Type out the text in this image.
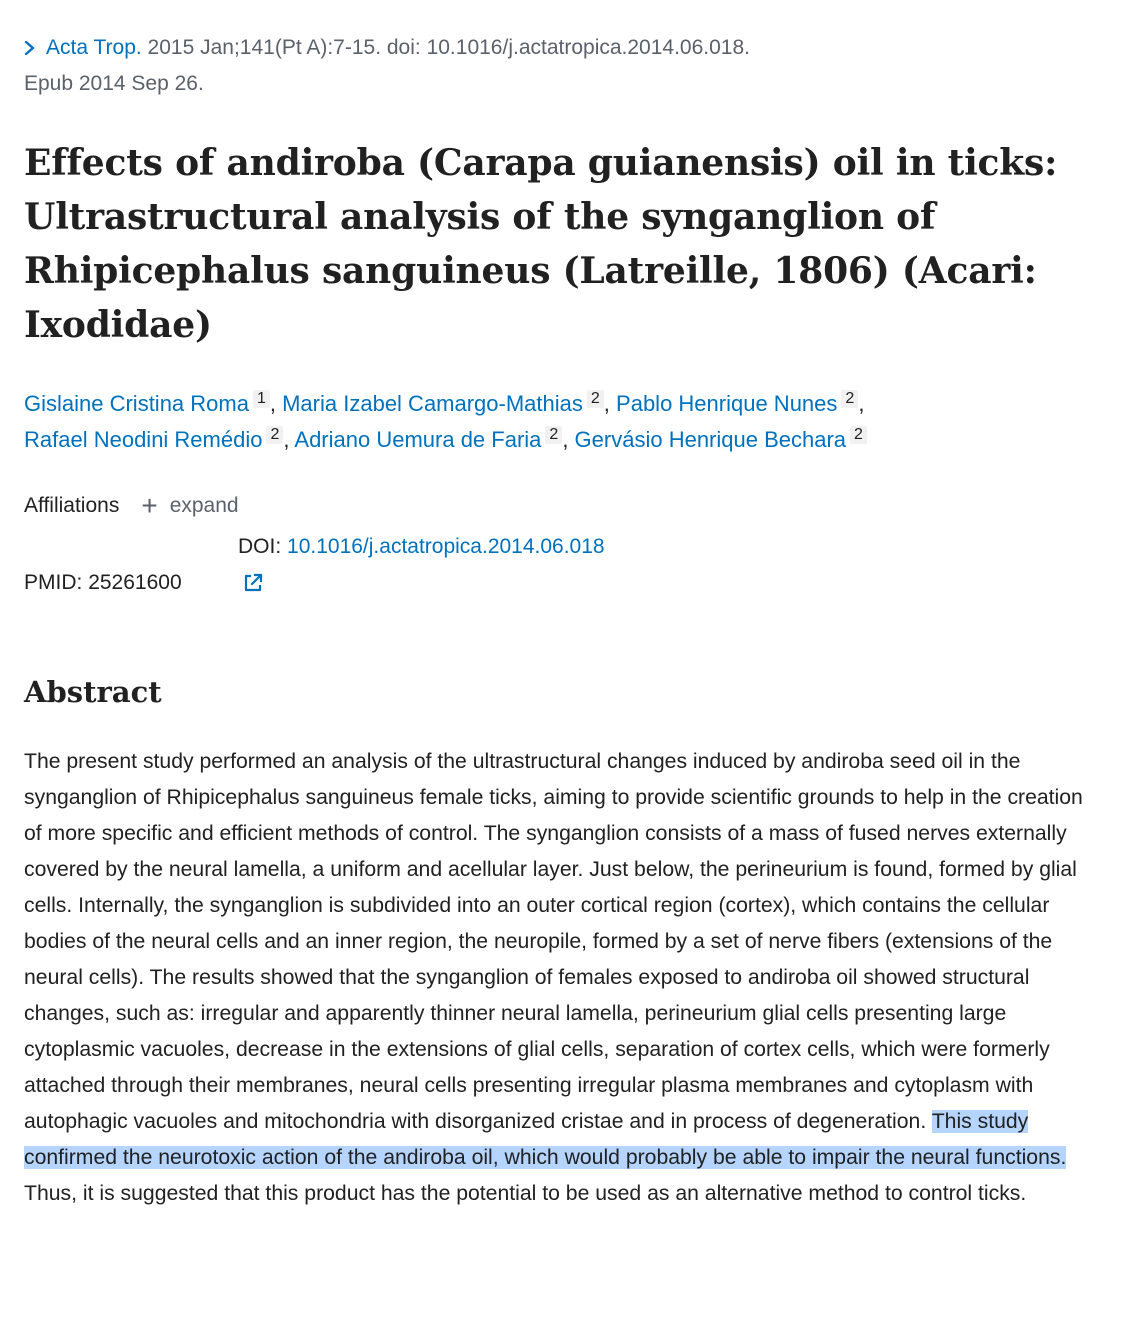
Acta Trop. 2015 Jan;141(Pt A):7-15. doi: 10.1016/j.actatropica.2014.06.018.
Epub 2014 Sep 26.
Effects of andiroba (Carapa guianensis) oil in ticks: Ultrastructural analysis of the synganglion of Rhipicephalus sanguineus (Latreille, 1806) (Acari: Ixodidae)
Gislaine Cristina Roma $^1$ , Maria Izabel Camargo-Mathias $^2$ , Pablo Henrique Nunes $^2$ ,
Rafael Neodini Remédio $^2$ , Adriano Uemura de Faria $^2$ , Gervásio Henrique Bechara $^2$
Affiliations + expand
DOI: 10.1016/j.actatropica.2014.06.018
PMID: 25261600
Abstract

The present study performed an analysis of the ultrastructural changes induced by andiroba seed oil in the synganglion of Rhipicephalus sanguineus female ticks, aiming to provide scientific grounds to help in the creation of more specific and efficient methods of control. The synganglion consists of a mass of fused nerves externally covered by the neural lamella, a uniform and acellular layer. Just below, the perineurium is found, formed by glial cells. Internally, the synganglion is subdivided into an outer cortical region (cortex), which contains the cellular bodies of the neural cells and an inner region, the neuropile, formed by a set of nerve fibers (extensions of the neural cells). The results showed that the synganglion of females exposed to andiroba oil showed structural changes, such as: irregular and apparently thinner neural lamella, perineurium glial cells presenting large cytoplasmic vacuoles, decrease in the extensions of glial cells, separation of cortex cells, which were formerly attached through their membranes, neural cells presenting irregular plasma membranes and cytoplasm with autophagic vacuoles and mitochondria with disorganized cristae and in process of degeneration. This study confirmed the neurotoxic action of the andiroba oil, which would probably be able to impair the neural functions. Thus, it is suggested that this product has the potential to be used as an alternative method to control ticks.
